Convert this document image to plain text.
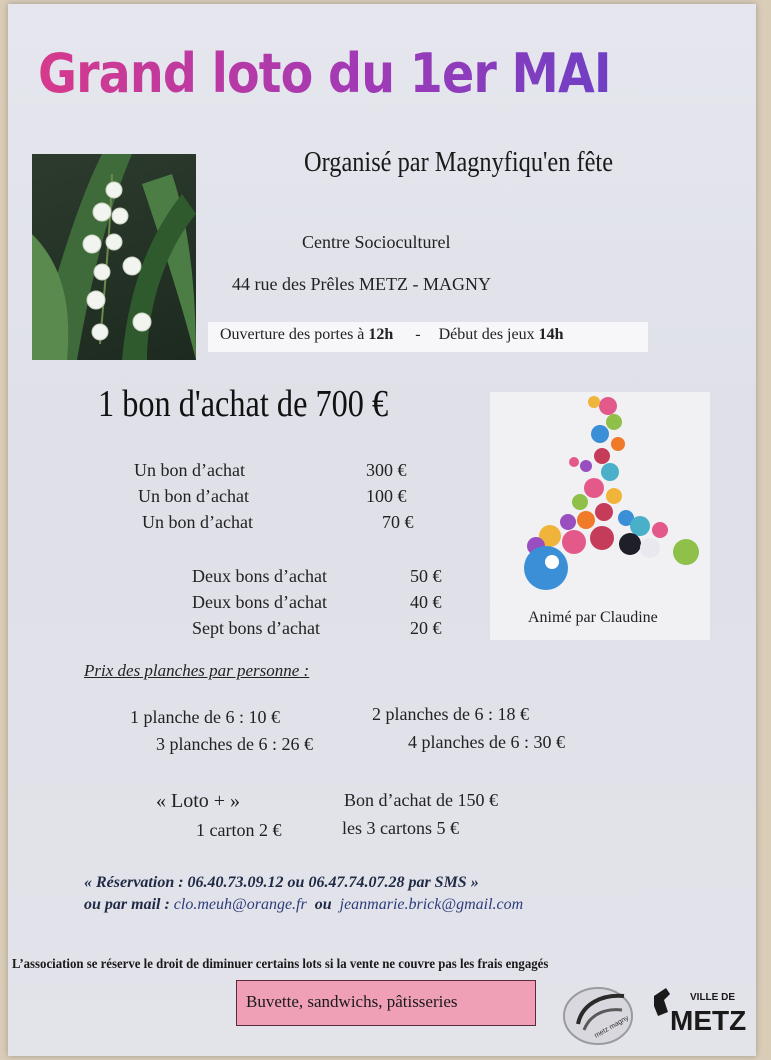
Grand loto du 1er MAI
Organisé par Magnyfiqu'en fête
Centre Socioculturel
44 rue des Prêles METZ - MAGNY
Ouverture des portes à 12h - Début des jeux 14h
1 bon d'achat de 700 €
Un bon d’achat	300 €
Un bon d’achat	100 €
Un bon d’achat	70 €
Deux bons d’achat	50 €
Deux bons d’achat	40 €
Sept bons d’achat	20 €
Animé par Claudine
Prix des planches par personne :
1 planche de 6 : 10 €	2 planches de 6 : 18 €
3 planches de 6 : 26 €	4 planches de 6 : 30 €
« Loto + »	Bon d’achat de 150 €
1 carton 2 €	les 3 cartons 5 €
« Réservation : 06.40.73.09.12 ou 06.47.74.07.28 par SMS »
ou par mail : clo.meuh@orange.fr ou jeanmarie.brick@gmail.com
L’association se réserve le droit de diminuer certains lots si la vente ne couvre pas les frais engagés
Buvette, sandwichs, pâtisseries
metz magny
VILLE DE
METZ
